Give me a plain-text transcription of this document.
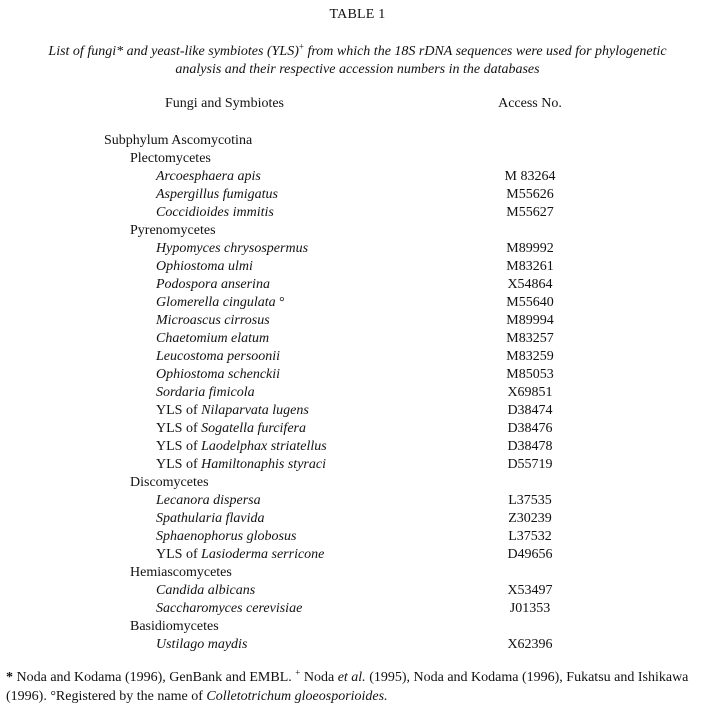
TABLE 1
List of fungi* and yeast-like symbiotes (YLS)+ from which the 18S rDNA sequences were used for phylogenetic analysis and their respective accession numbers in the databases
Fungi and Symbiotes	Access No.
Subphylum Ascomycotina
Plectomycetes
Arcoesphaera apis	M 83264
Aspergillus fumigatus	M55626
Coccidioides immitis	M55627
Pyrenomycetes
Hypomyces chrysospermus	M89992
Ophiostoma ulmi	M83261
Podospora anserina	X54864
Glomerella cingulata °	M55640
Microascus cirrosus	M89994
Chaetomium elatum	M83257
Leucostoma persoonii	M83259
Ophiostoma schenckii	M85053
Sordaria fimicola	X69851
YLS of Nilaparvata lugens	D38474
YLS of Sogatella furcifera	D38476
YLS of Laodelphax striatellus	D38478
YLS of Hamiltonaphis styraci	D55719
Discomycetes
Lecanora dispersa	L37535
Spathularia flavida	Z30239
Sphaenophorus globosus	L37532
YLS of Lasioderma serricone	D49656
Hemiascomycetes
Candida albicans	X53497
Saccharomyces cerevisiae	J01353
Basidiomycetes
Ustilago maydis	X62396
* Noda and Kodama (1996), GenBank and EMBL. + Noda et al. (1995), Noda and Kodama (1996), Fukatsu and Ishikawa (1996). °Registered by the name of Colletotrichum gloeosporioides.
